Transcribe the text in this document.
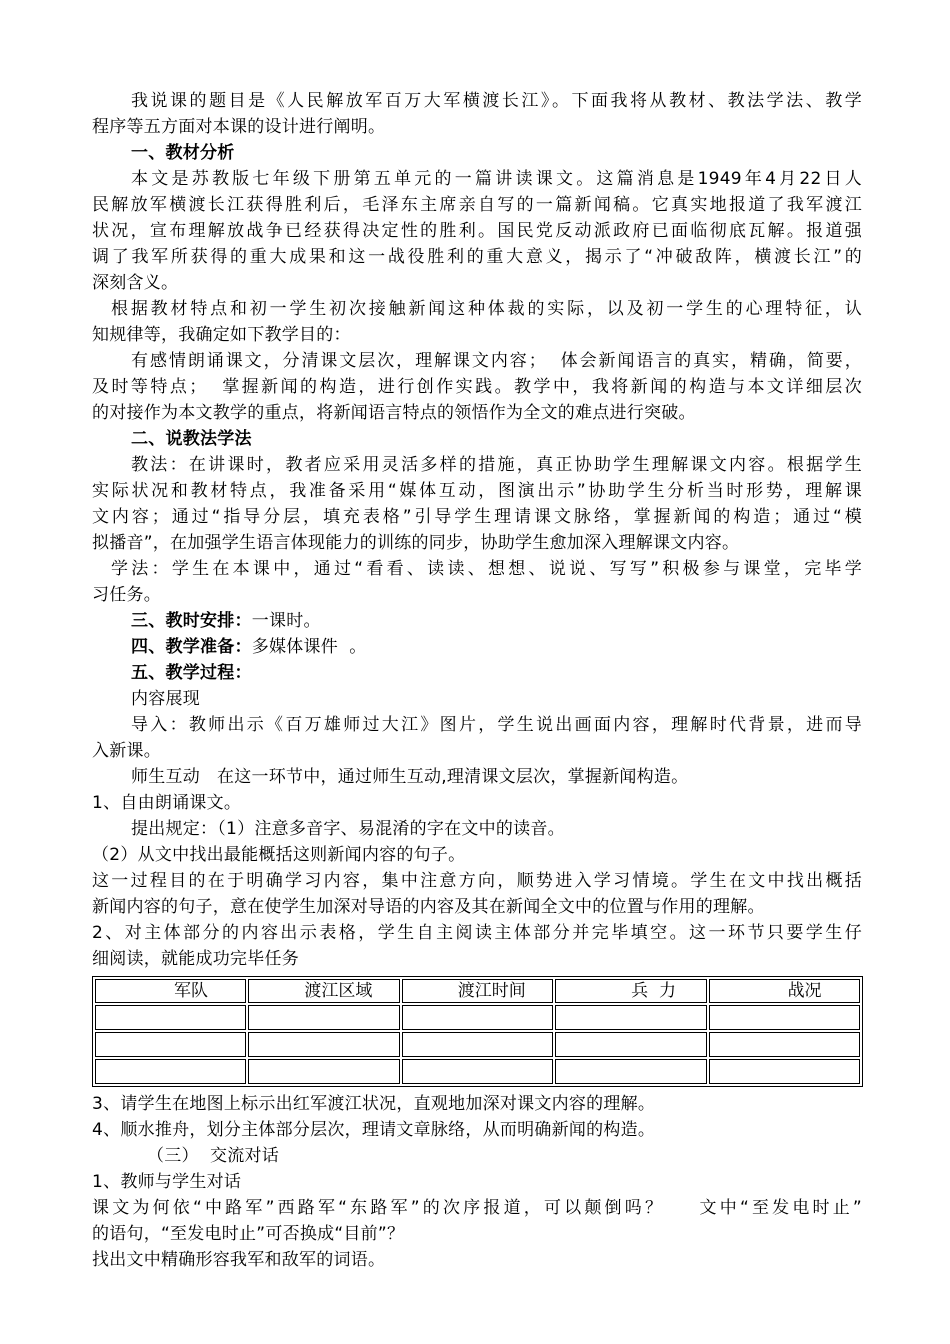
我说课的题目是《人民解放军百万大军横渡长江》。下面我将从教材、教法学法、教学
程序等五方面对本课的设计进行阐明。
一、教材分析
本文是苏教版七年级下册第五单元的一篇讲读课文。这篇消息是1949年4月22日人
民解放军横渡长江获得胜利后，毛泽东主席亲自写的一篇新闻稿。它真实地报道了我军渡江
状况，宣布理解放战争已经获得决定性的胜利。国民党反动派政府已面临彻底瓦解。报道强
调了我军所获得的重大成果和这一战役胜利的重大意义，揭示了“冲破敌阵，横渡长江”的
深刻含义。
根据教材特点和初一学生初次接触新闻这种体裁的实际，以及初一学生的心理特征，认
知规律等，我确定如下教学目的：
有感情朗诵课文，分清课文层次，理解课文内容；  体会新闻语言的真实，精确，简要，
及时等特点；  掌握新闻的构造，进行创作实践。教学中，我将新闻的构造与本文详细层次
的对接作为本文教学的重点，将新闻语言特点的领悟作为全文的难点进行突破。
二、说教法学法
教法：在讲课时，教者应采用灵活多样的措施，真正协助学生理解课文内容。根据学生
实际状况和教材特点，我准备采用“媒体互动，图演出示”协助学生分析当时形势，理解课
文内容；通过“指导分层，填充表格”引导学生理请课文脉络，掌握新闻的构造；通过“模
拟播音”，在加强学生语言体现能力的训练的同步，协助学生愈加深入理解课文内容。
学法：学生在本课中，通过“看看、读读、想想、说说、写写”积极参与课堂，完毕学
习任务。
三、教时安排：一课时。
四、教学准备：多媒体课件  。
五、教学过程：
内容展现
导入：教师出示《百万雄师过大江》图片，学生说出画面内容，理解时代背景，进而导
入新课。
师生互动   在这一环节中，通过师生互动,理清课文层次，掌握新闻构造。
1、自由朗诵课文。
提出规定：（1）注意多音字、易混淆的字在文中的读音。
（2）从文中找出最能概括这则新闻内容的句子。
这一过程目的在于明确学习内容，集中注意方向，顺势进入学习情境。学生在文中找出概括
新闻内容的句子，意在使学生加深对导语的内容及其在新闻全文中的位置与作用的理解。
2、对主体部分的内容出示表格，学生自主阅读主体部分并完毕填空。这一环节只要学生仔
细阅读，就能成功完毕任务
军队	渡江区域	渡江时间	兵  力	战况

3、请学生在地图上标示出红军渡江状况，直观地加深对课文内容的理解。
4、顺水推舟，划分主体部分层次，理请文章脉络，从而明确新闻的构造。
（三）  交流对话
1、教师与学生对话
课文为何依“中路军”西路军“东路军”的次序报道，可以颠倒吗？    文中“至发电时止”
的语句，“至发电时止”可否换成“目前”？
找出文中精确形容我军和敌军的词语。
